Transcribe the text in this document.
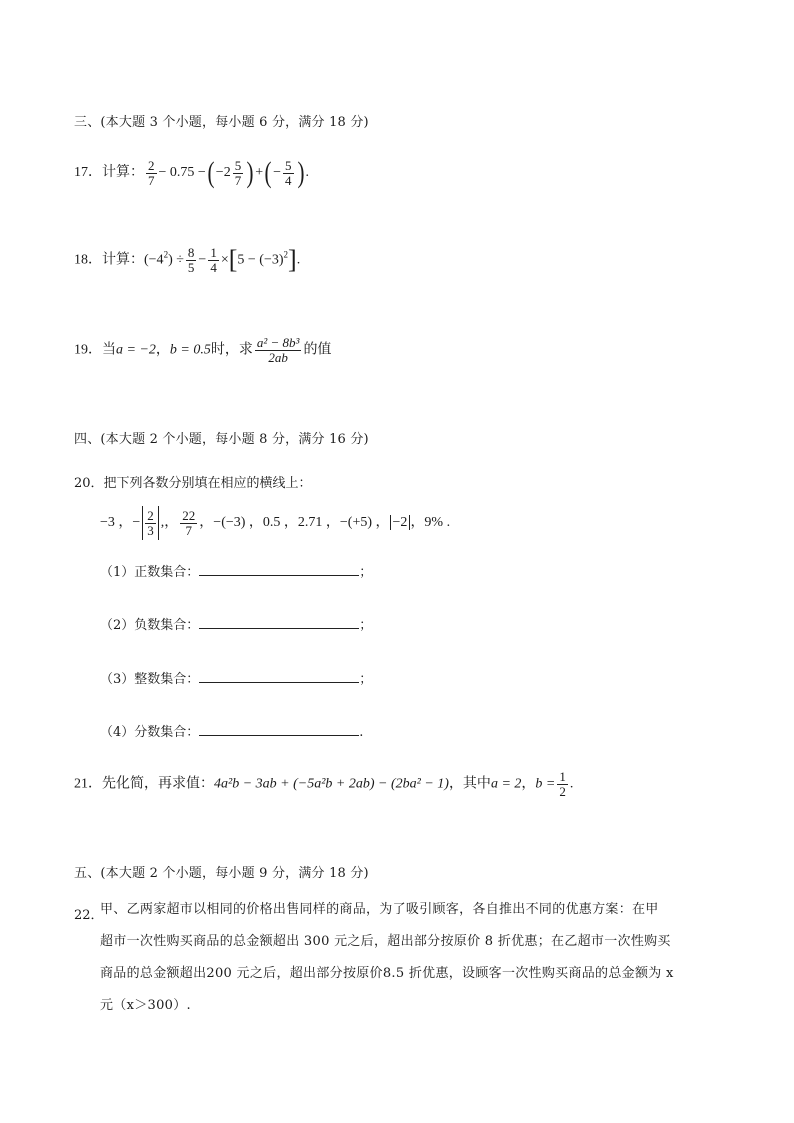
三、(本大题 3 个小题，每小题 6 分，满分 18 分)
17．计算： $\frac{2}{7} - 0.75$ −( $-2 \frac{5}{7}$ ) +( − $\frac{5}{4}$ ) .
18．计算：$(-4^2) \div \frac{8}{5} - \frac{1}{4} \times[5 - (-3)^2]$.
19．当a = −2，b = 0.5时，求 $\frac{\text{a² − 8b³}}{2ab}$ 的值
四、(本大题 2 个小题，每小题 8 分，满分 16 分)
20．把下列各数分别填在相应的横线上：
−3 ，− $\frac{2}{3}$ ,， $\frac{22}{7}$ ，−(−3) ，0.5 ，2.71 ，−(+5) ， −2 ，9% .
（1）正数集合：	；
（2）负数集合：	；
（3）整数集合：	；
（4）分数集合：	.
21．先化简，再求值：4a²b − 3ab + (−5a²b + 2ab) − (2ba² − 1)，其中a = 2，$b = \frac{1}{2}$ .
五、(本大题 2 个小题，每小题 9 分，满分 18 分)
22．
甲、乙两家超市以相同的价格出售同样的商品，为了吸引顾客，各自推出不同的优惠方案：在甲
超市一次性购买商品的总金额超出 300 元之后，超出部分按原价 8 折优惠；在乙超市一次性购买
商品的总金额超出200 元之后，超出部分按原价8.5 折优惠，设顾客一次性购买商品的总金额为 x
元（x＞300）.
